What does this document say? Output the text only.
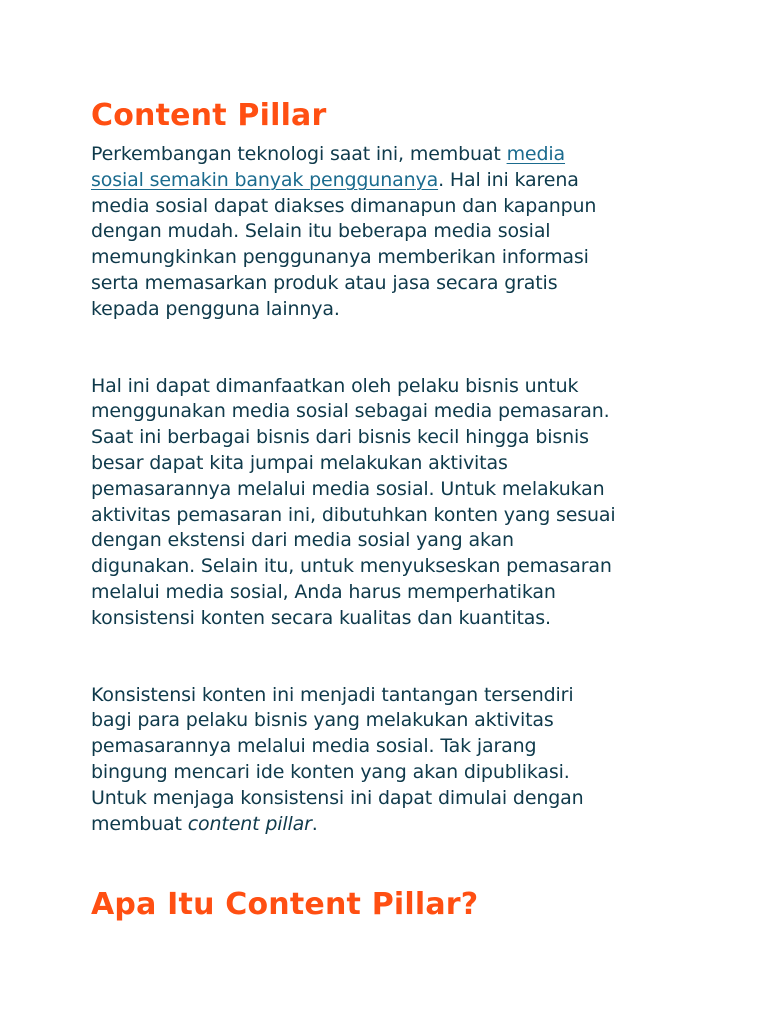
Content Pillar

Perkembangan teknologi saat ini, membuat media
sosial semakin banyak penggunanya. Hal ini karena
media sosial dapat diakses dimanapun dan kapanpun
dengan mudah. Selain itu beberapa media sosial
memungkinkan penggunanya memberikan informasi
serta memasarkan produk atau jasa secara gratis
kepada pengguna lainnya.

Hal ini dapat dimanfaatkan oleh pelaku bisnis untuk
menggunakan media sosial sebagai media pemasaran.
Saat ini berbagai bisnis dari bisnis kecil hingga bisnis
besar dapat kita jumpai melakukan aktivitas
pemasarannya melalui media sosial. Untuk melakukan
aktivitas pemasaran ini, dibutuhkan konten yang sesuai
dengan ekstensi dari media sosial yang akan
digunakan. Selain itu, untuk menyukseskan pemasaran
melalui media sosial, Anda harus memperhatikan
konsistensi konten secara kualitas dan kuantitas.

Konsistensi konten ini menjadi tantangan tersendiri
bagi para pelaku bisnis yang melakukan aktivitas
pemasarannya melalui media sosial. Tak jarang
bingung mencari ide konten yang akan dipublikasi.
Untuk menjaga konsistensi ini dapat dimulai dengan
membuat content pillar.

Apa Itu Content Pillar?
